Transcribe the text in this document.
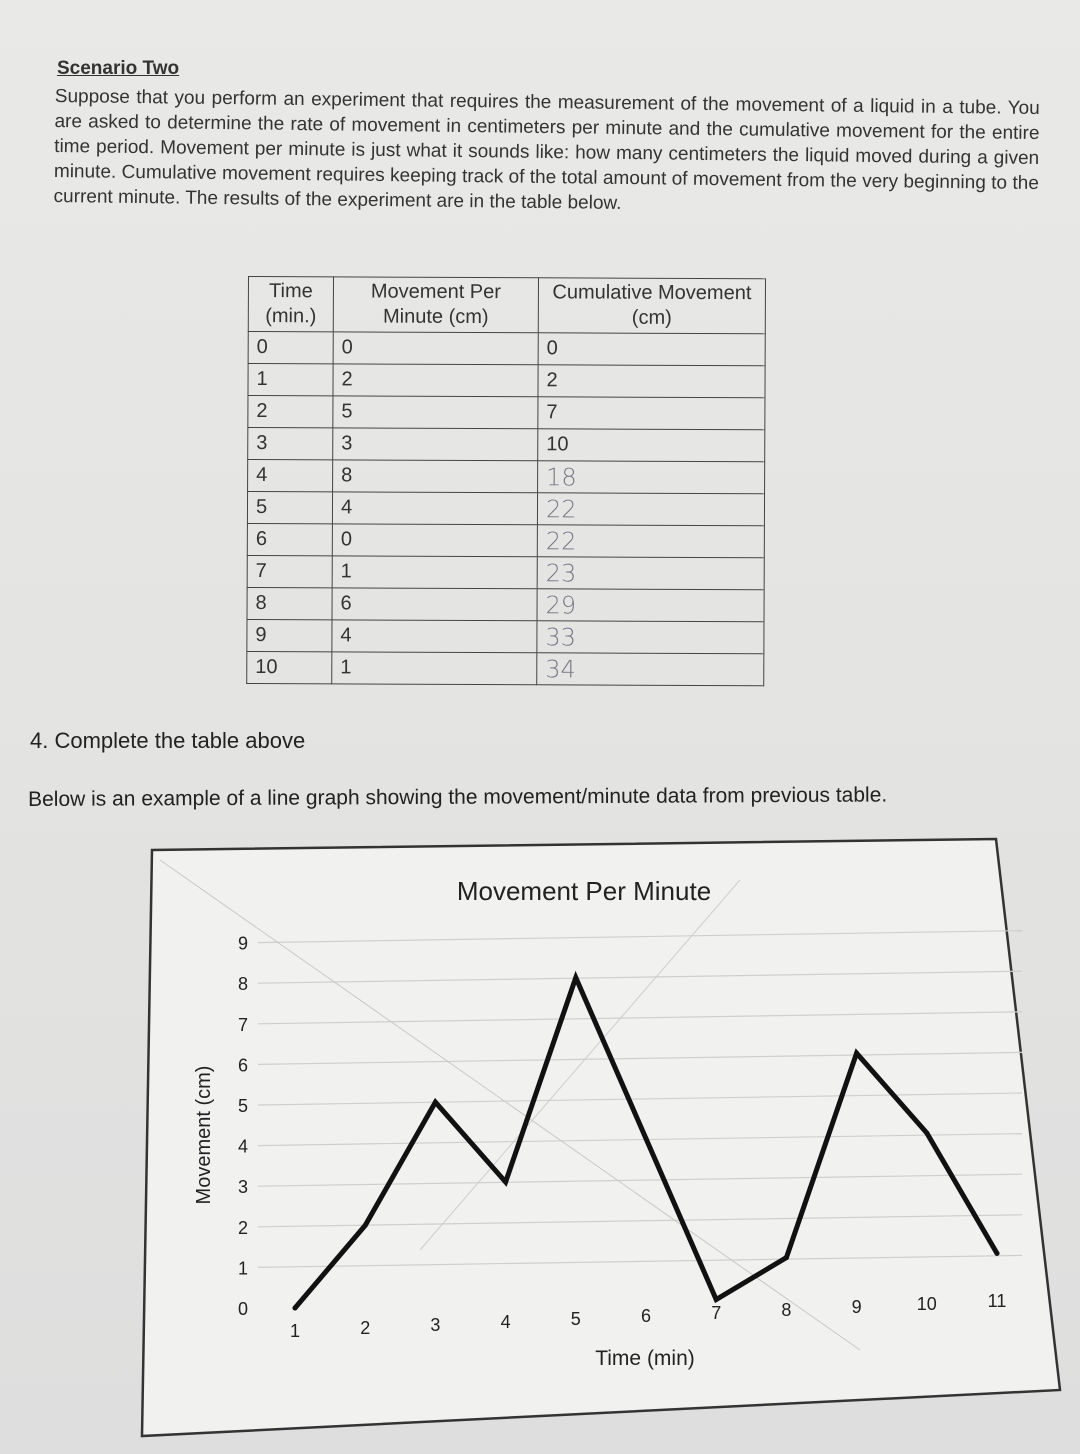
Scenario Two
Suppose that you perform an experiment that requires the measurement of the movement of a liquid in a tube. You are asked to determine the rate of movement in centimeters per minute and the cumulative movement for the entire time period. Movement per minute is just what it sounds like: how many centimeters the liquid moved during a given minute. Cumulative movement requires keeping track of the total amount of movement from the very beginning to the current minute. The results of the experiment are in the table below.
Time (min.)	Movement Per Minute (cm)	Cumulative Movement (cm)
0	0	0
1	2	2
2	5	7
3	3	10
4	8	18
5	4	22
6	0	22
7	1	23
8	6	29
9	4	33
10	1	34
4. Complete the table above
Below is an example of a line graph showing the movement/minute data from previous table.
Movement Per Minute
0
1
2
3
4
5
6
7
8
9
1	2	3	4	5	6	7	8	9	10	11
Movement (cm)
Time (min)
